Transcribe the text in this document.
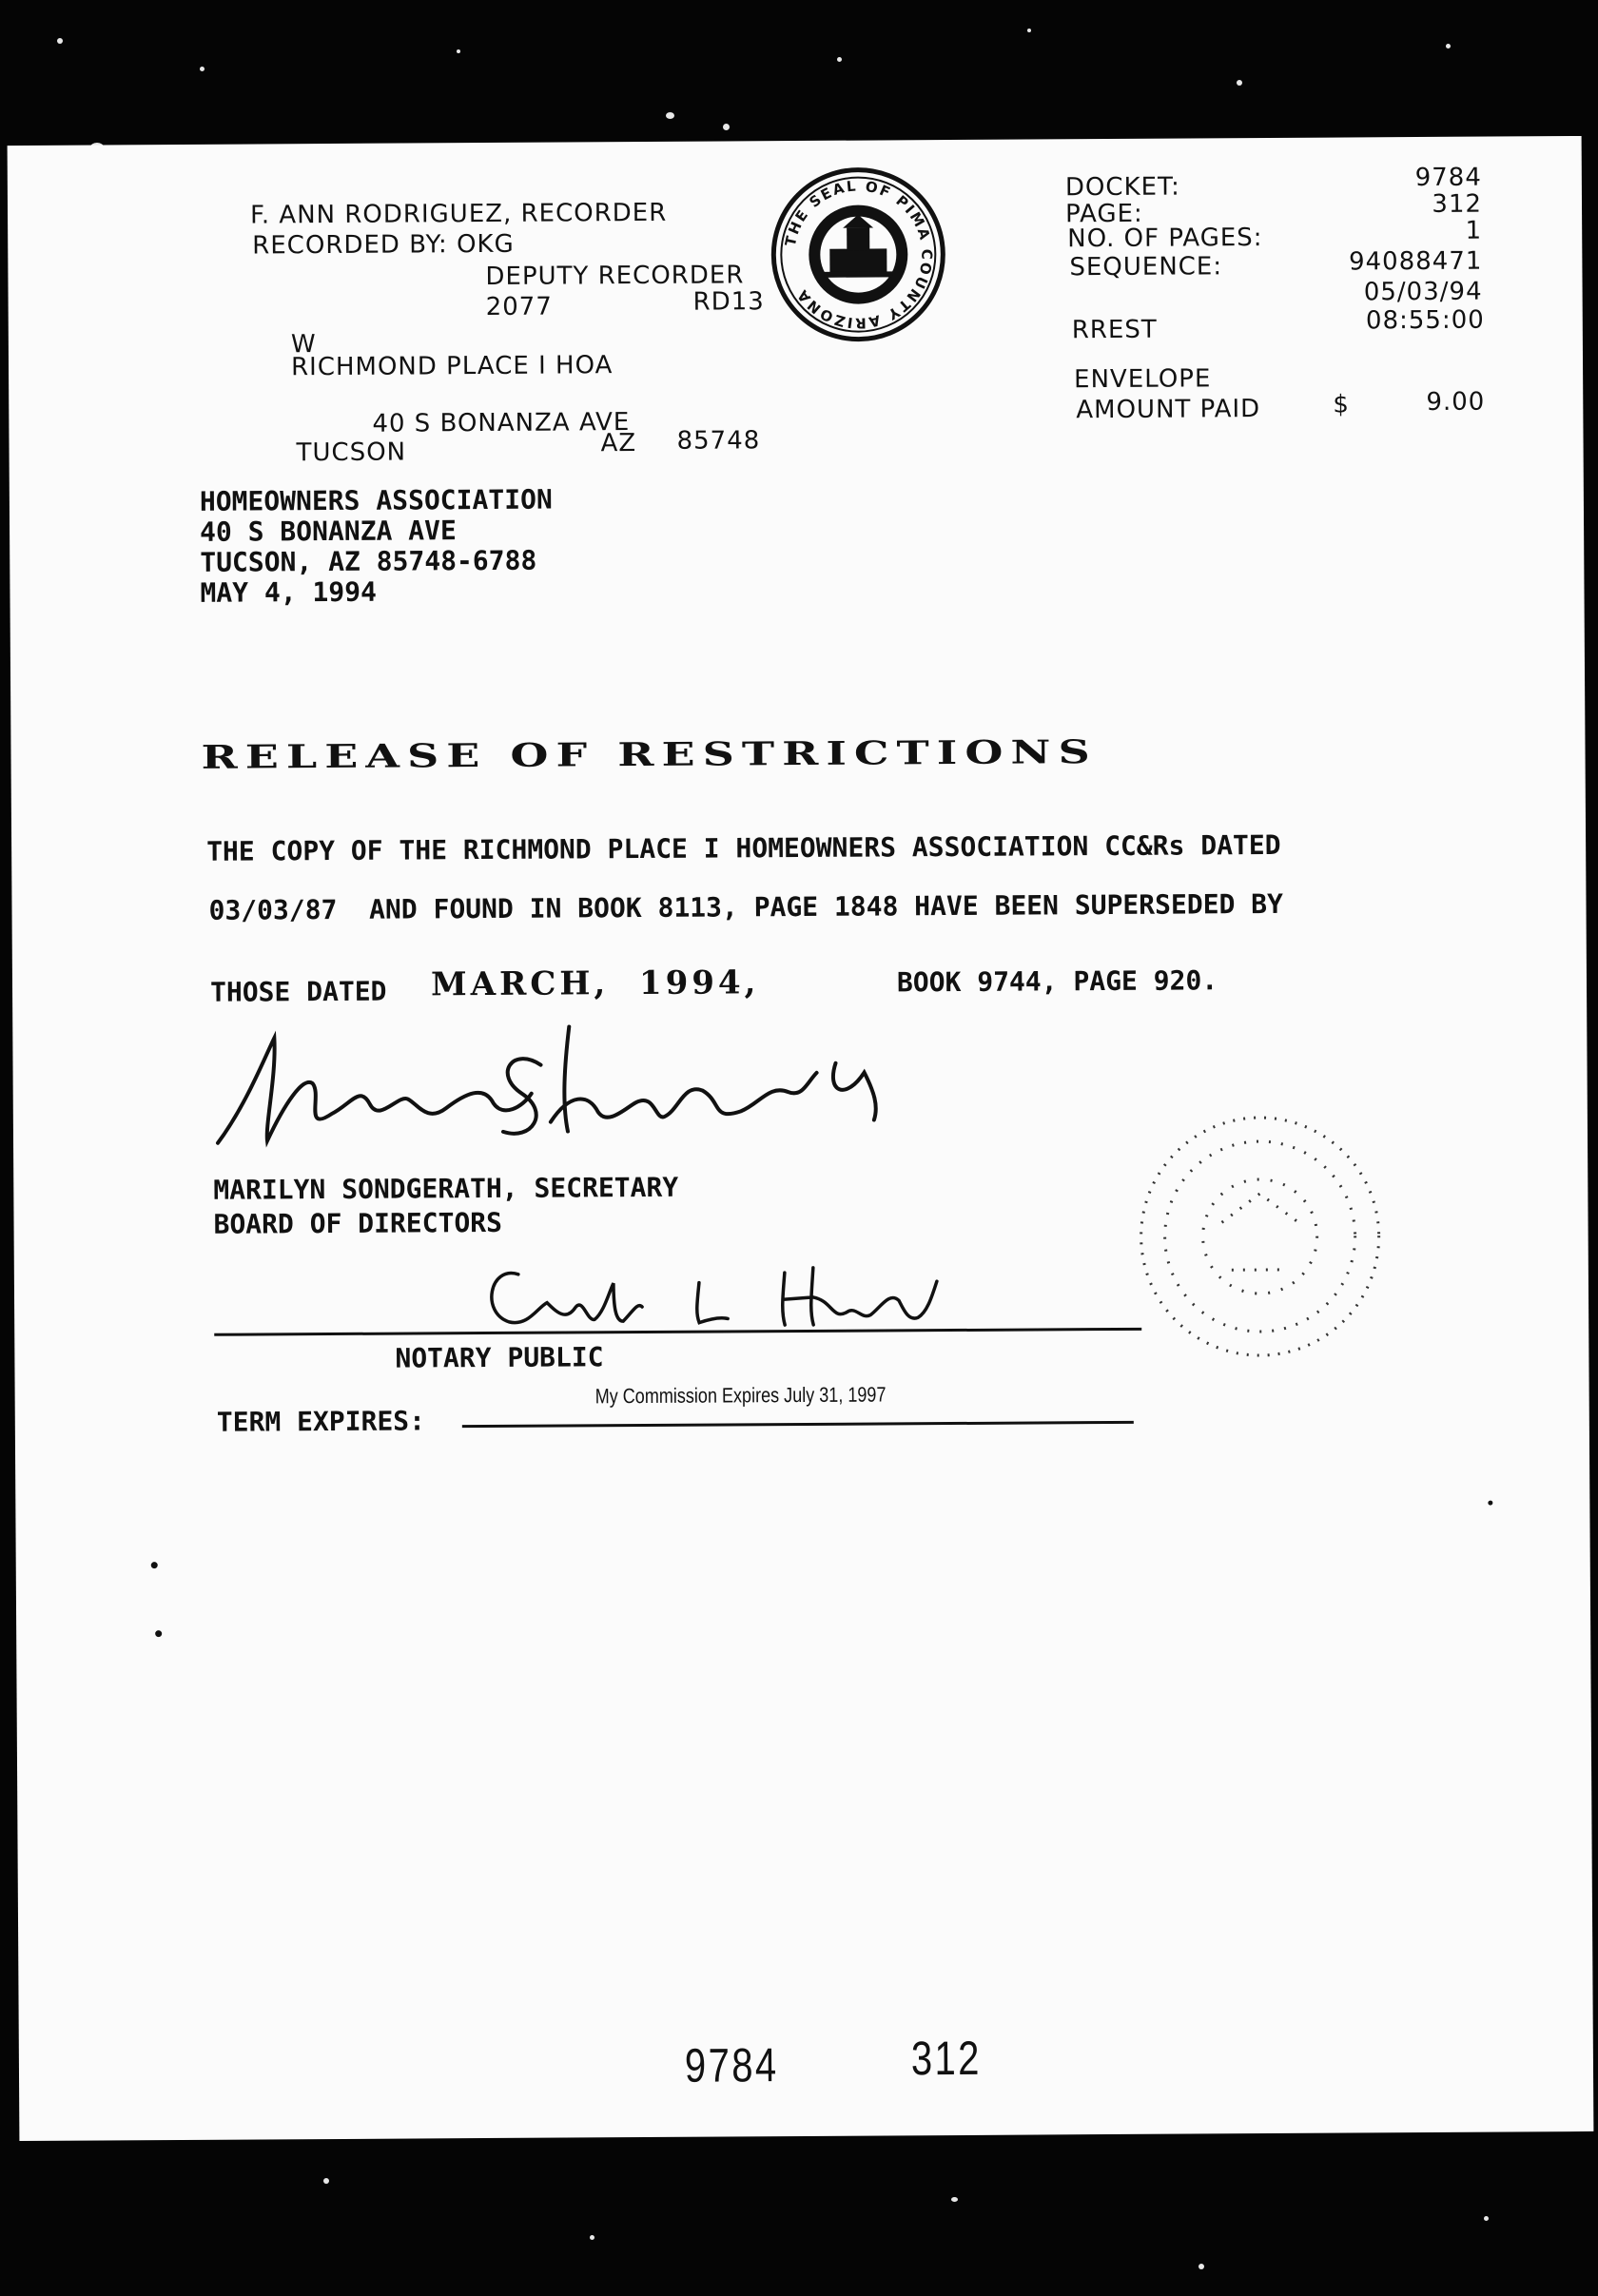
F. ANN RODRIGUEZ, RECORDER
RECORDED BY: OKG
DEPUTY RECORDER
2077	RD13
W
RICHMOND PLACE I HOA
40 S BONANZA AVE
TUCSON	AZ 85748
THE SEAL OF PIMA COUNTY ARIZONA
DOCKET:	9784
PAGE:	312
NO. OF PAGES:	1
SEQUENCE:	94088471
05/03/94
RREST	08:55:00
ENVELOPE
AMOUNT PAID	$	9.00
HOMEOWNERS ASSOCIATION
40 S BONANZA AVE
TUCSON, AZ 85748-6788
MAY 4, 1994
RELEASE OF RESTRICTIONS
THE COPY OF THE RICHMOND PLACE I HOMEOWNERS ASSOCIATION CC&Rs DATED
03/03/87  AND FOUND IN BOOK 8113, PAGE 1848 HAVE BEEN SUPERSEDED BY
THOSE DATED MARCH,  1994,	BOOK 9744, PAGE 920.
MARILYN SONDGERATH, SECRETARY
BOARD OF DIRECTORS
NOTARY PUBLIC
TERM EXPIRES:
My Commission Expires July 31, 1997
9784	312
